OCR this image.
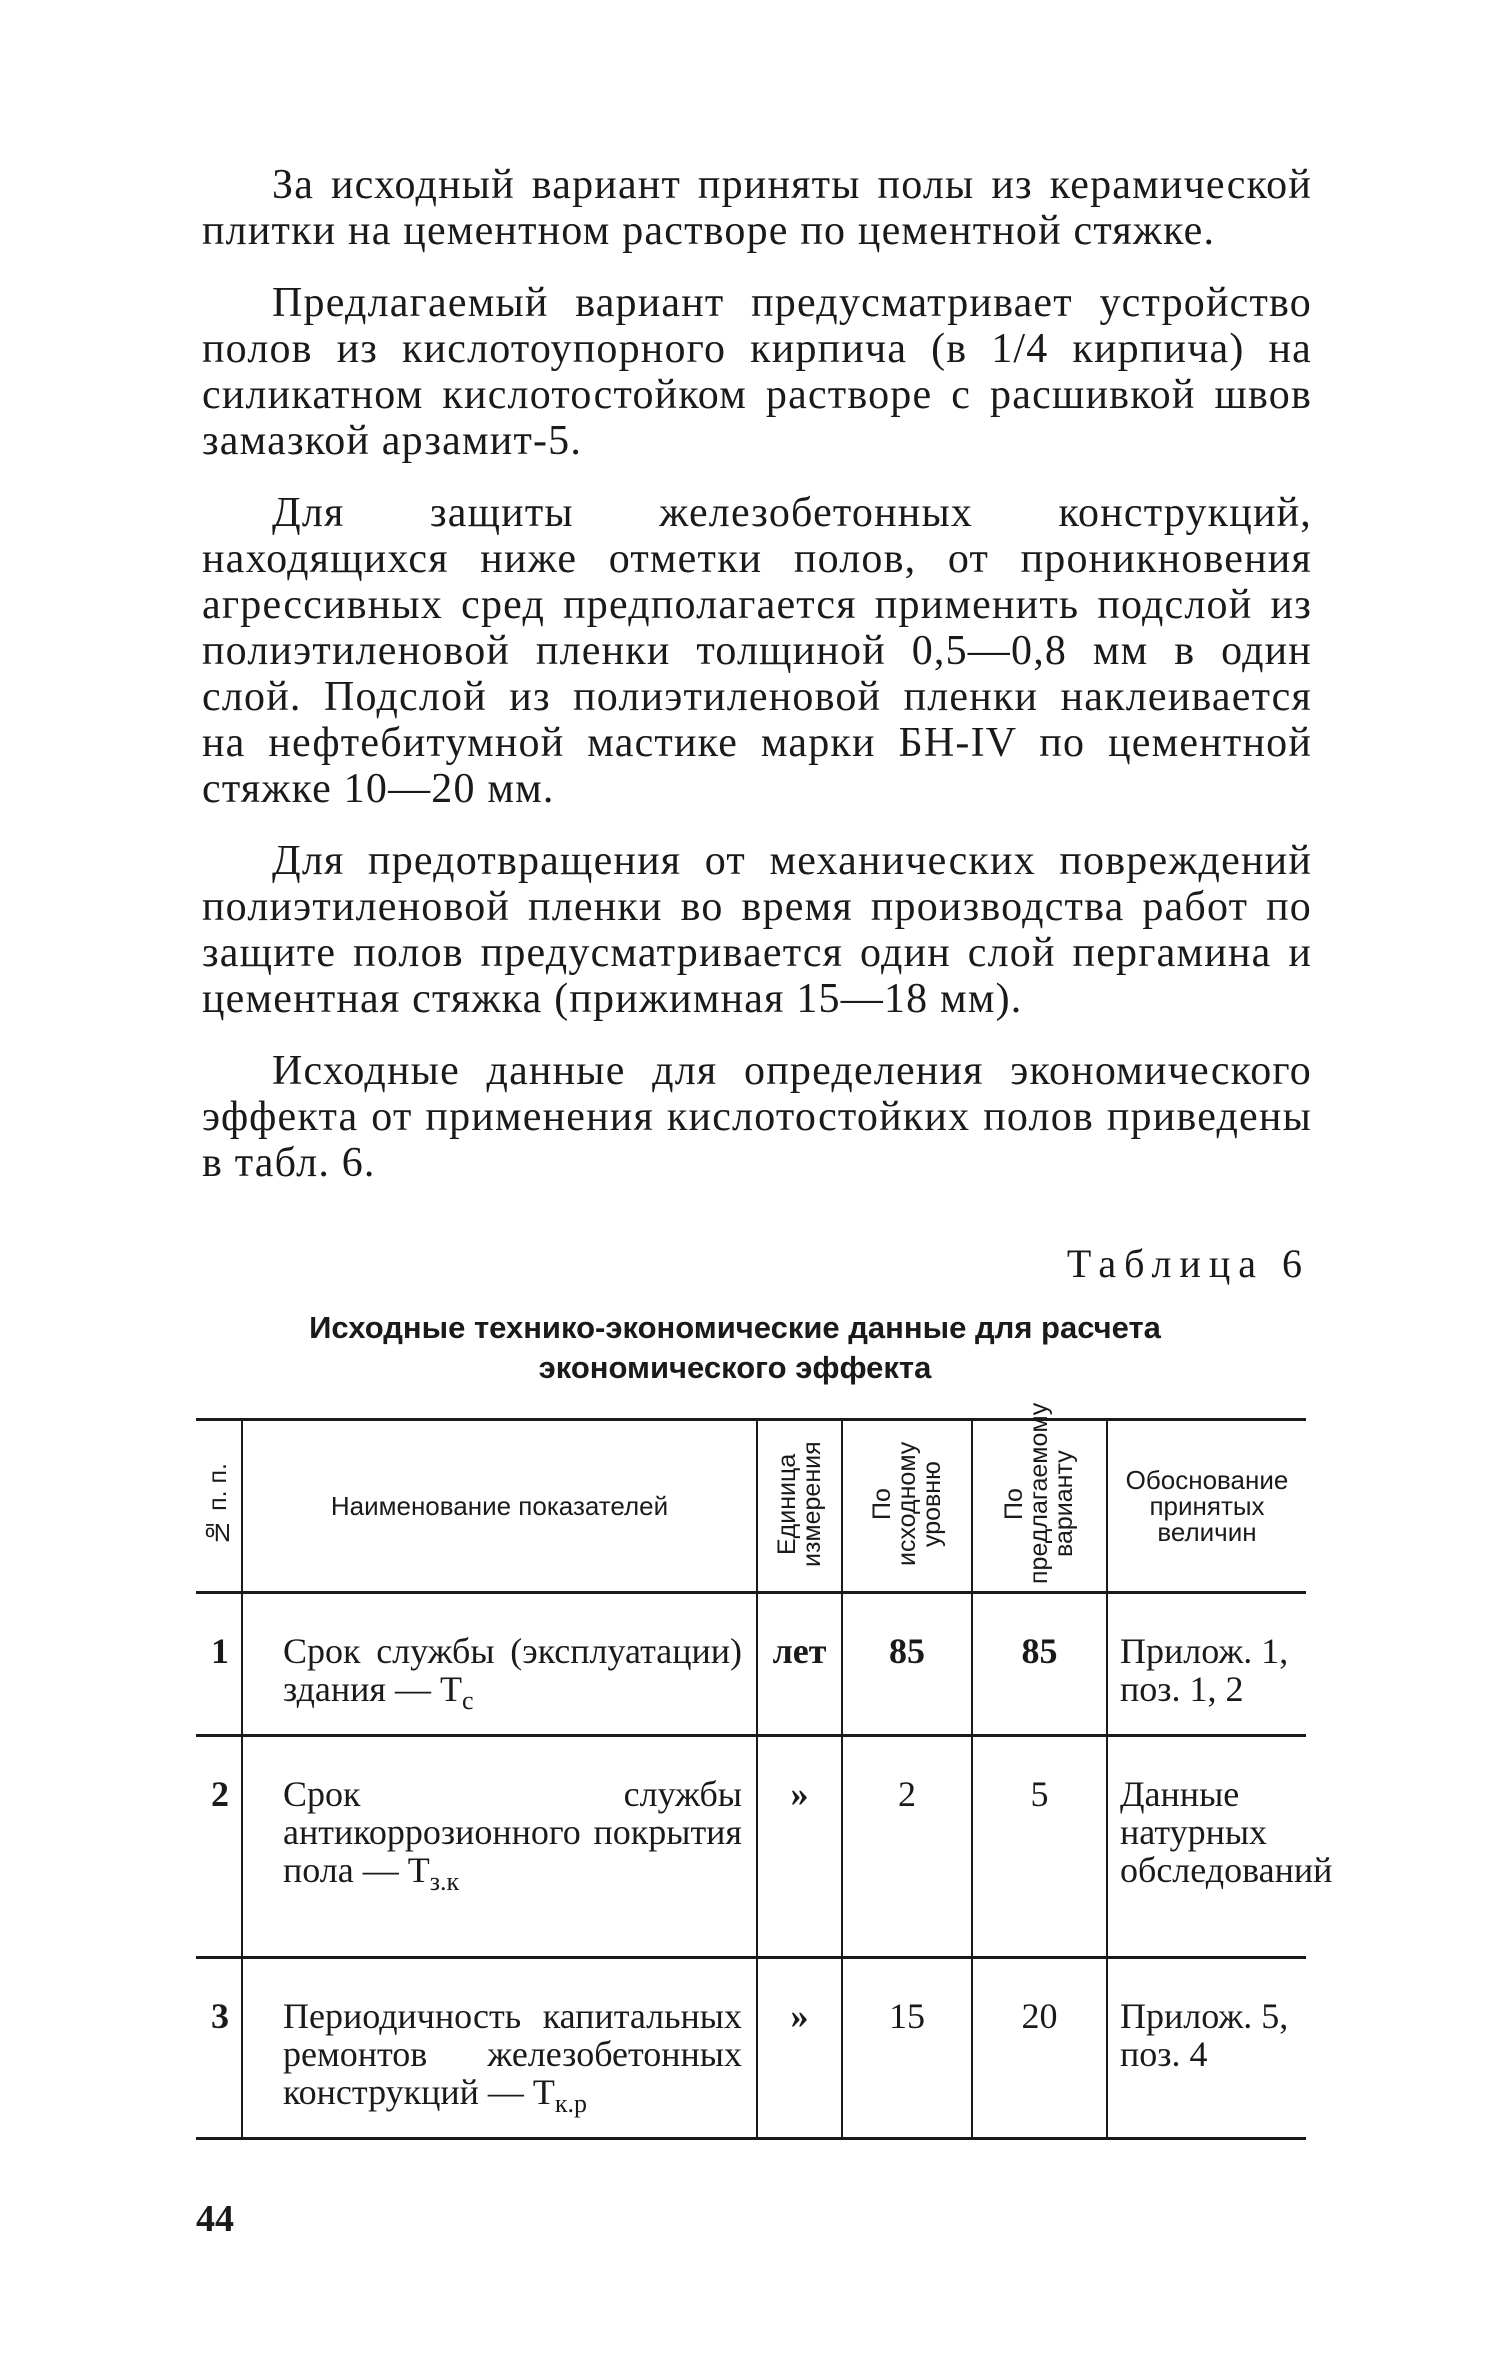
За исходный вариант приняты полы из керамической плитки на цементном растворе по цементной стяжке.

Предлагаемый вариант предусматривает устройство полов из кислотоупорного кирпича (в 1/4 кирпича) на силикатном кислотостойком растворе с расшивкой швов замазкой арзамит-5.

Для защиты железобетонных конструкций, находящихся ниже отметки полов, от проникновения агрессивных сред предполагается применить подслой из полиэтиленовой пленки толщиной 0,5—0,8 мм в один слой. Подслой из полиэтиленовой пленки наклеивается на нефтебитумной мастике марки БН-IV по цементной стяжке 10—20 мм.

Для предотвращения от механических повреждений полиэтиленовой пленки во время производства работ по защите полов предусматривается один слой пергамина и цементная стяжка (прижимная 15—18 мм).

Исходные данные для определения экономического эффекта от применения кислотостойких полов приведены в табл. 6.

Таблица 6
Исходные технико-экономические данные для расчета экономического эффекта
№ п. п.	Наименование показателей	Единица измерения	По исходному уровню	По предлагаемому варианту	Обоснование принятых величин
1	Срок службы (эксплуатации) здания — $T_с$	лет	85	85	Прилож. 1, поз. 1, 2
2	Срок службы антикоррозионного покрытия пола — $T_{з.к}$	»	2	5	Данные натурных обследований
3	Периодичность капитальных ремонтов железобетонных конструкций — $T_{к.р}$	»	15	20	Прилож. 5, поз. 4
44
